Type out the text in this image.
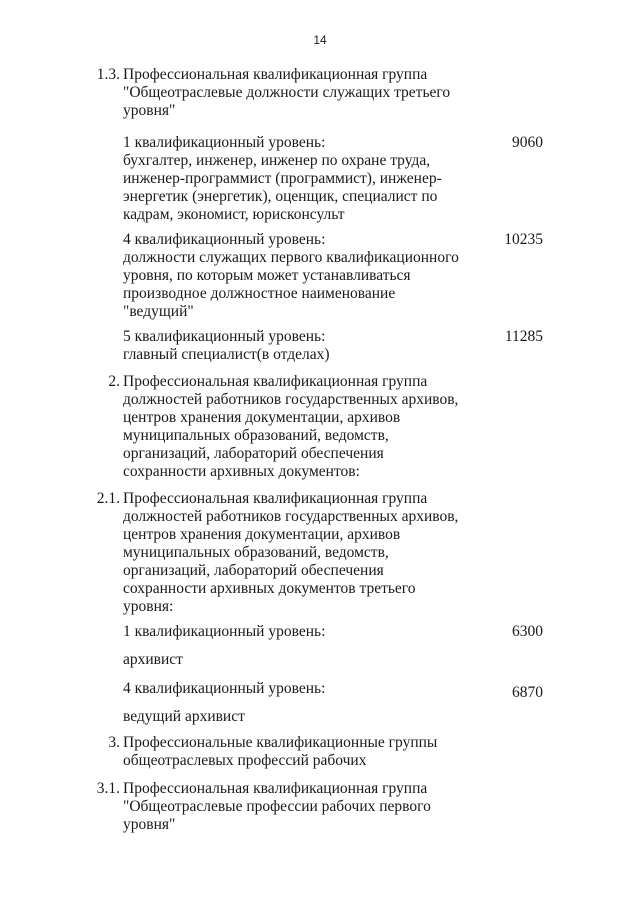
14
1.3. Профессиональная квалификационная группа
"Общеотраслевые должности служащих третьего
уровня"
1 квалификационный уровень:
бухгалтер, инженер, инженер по охране труда,
инженер-программист (программист), инженер-
энергетик (энергетик), оценщик, специалист по
кадрам, экономист, юрисконсульт
9060
4 квалификационный уровень:
должности служащих первого квалификационного
уровня, по которым может устанавливаться
производное должностное наименование
"ведущий"
10235
5 квалификационный уровень:
главный специалист(в отделах)
11285
2. Профессиональная квалификационная группа
должностей работников государственных архивов,
центров хранения документации, архивов
муниципальных образований, ведомств,
организаций, лабораторий обеспечения
сохранности архивных документов:
2.1. Профессиональная квалификационная группа
должностей работников государственных архивов,
центров хранения документации, архивов
муниципальных образований, ведомств,
организаций, лабораторий обеспечения
сохранности архивных документов третьего
уровня:
1 квалификационный уровень:	6300
архивист
4 квалификационный уровень:	6870
ведущий архивист
3. Профессиональные квалификационные группы
общеотраслевых профессий рабочих
3.1. Профессиональная квалификационная группа
"Общеотраслевые профессии рабочих первого
уровня"
